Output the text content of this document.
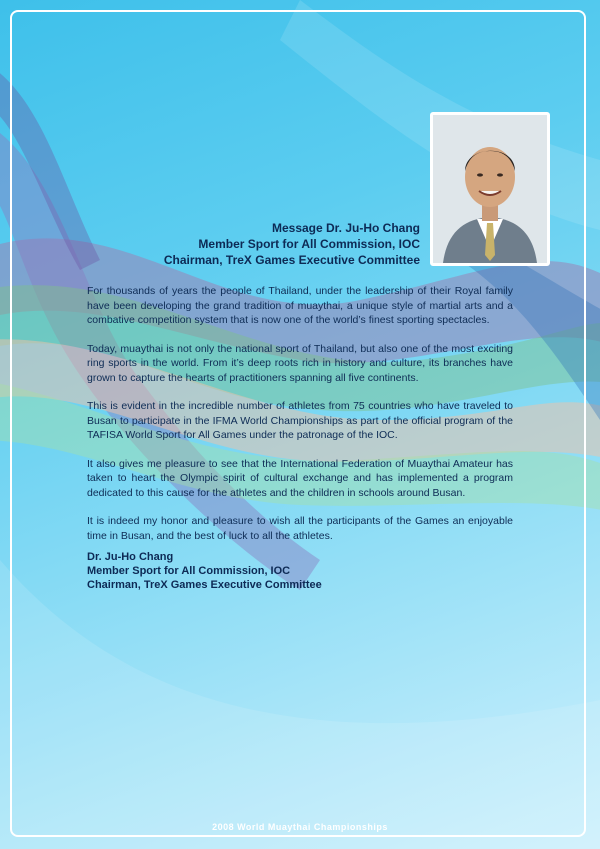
Message Dr. Ju-Ho Chang
Member Sport for All Commission, IOC
Chairman, TreX Games Executive Committee

For thousands of years the people of Thailand, under the leadership of their Royal family have been developing the grand tradition of muaythai, a unique style of martial arts and a combative competition system that is now one of the world’s finest sporting spectacles.

Today, muaythai is not only the national sport of Thailand, but also one of the most exciting ring sports in the world. From it’s deep roots rich in history and culture, its branches have grown to capture the hearts of practitioners spanning all five continents.

This is evident in the incredible number of athletes from 75 countries who have traveled to Busan to participate in the IFMA World Championships as part of the official program of the TAFISA World Sport for All Games under the patronage of the IOC.

It also gives me pleasure to see that the International Federation of Muaythai Amateur has taken to heart the Olympic spirit of cultural exchange and has implemented a program dedicated to this cause for the athletes and the children in schools around Busan.

It is indeed my honor and pleasure to wish all the participants of the Games an enjoyable time in Busan, and the best of luck to all the athletes.

Dr. Ju-Ho Chang
Member Sport for All Commission, IOC
Chairman, TreX Games Executive Committee
2008 World Muaythai Championships
